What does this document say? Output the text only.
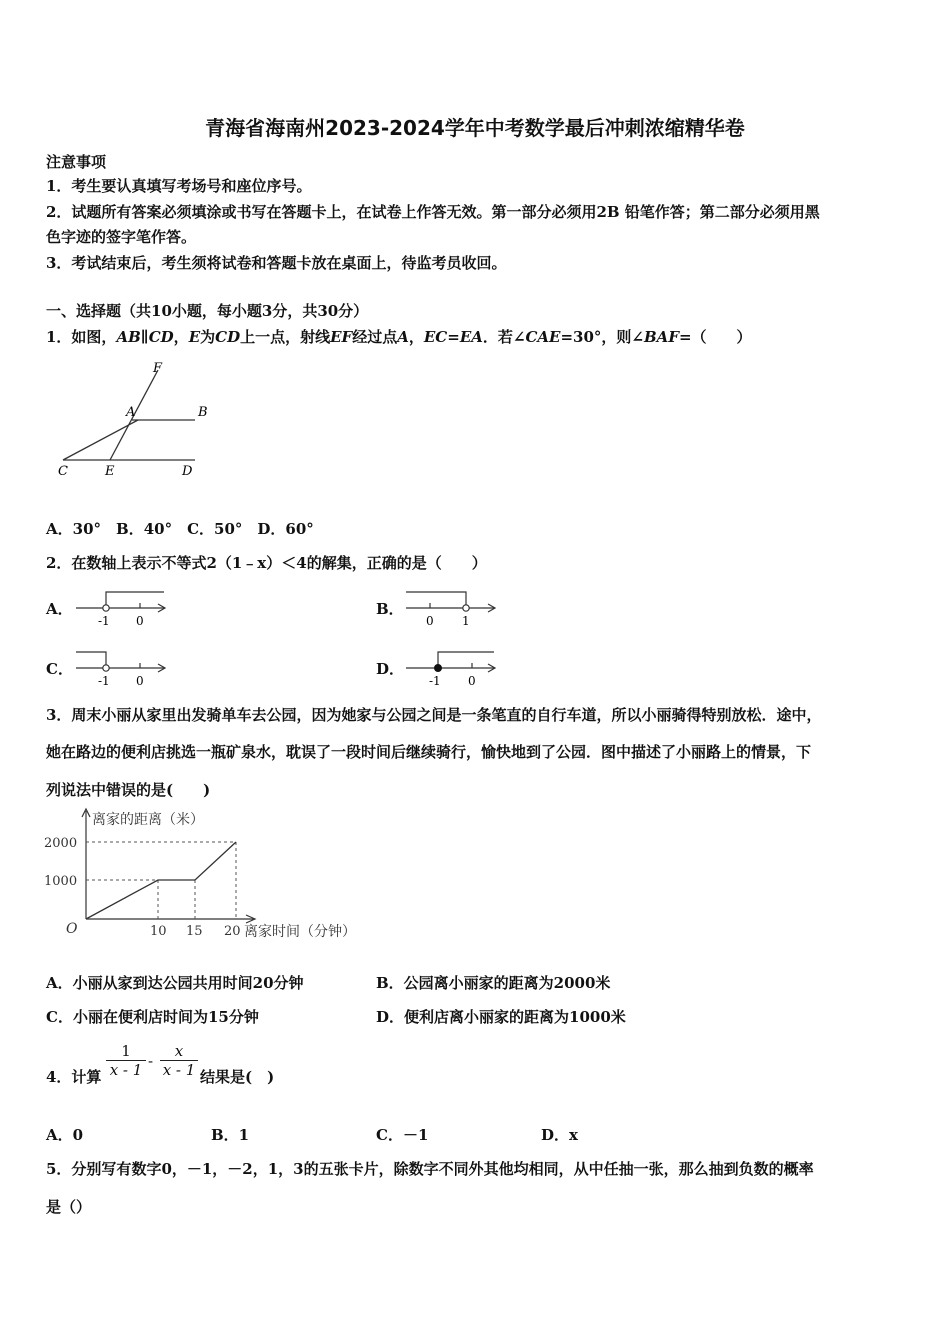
青海省海南州2023-2024学年中考数学最后冲刺浓缩精华卷
注意事项
1．考生要认真填写考场号和座位序号。
2．试题所有答案必须填涂或书写在答题卡上，在试卷上作答无效。第一部分必须用2B 铅笔作答；第二部分必须用黑
色字迹的签字笔作答。
3．考试结束后，考生须将试卷和答题卡放在桌面上，待监考员收回。
一、选择题（共10小题，每小题3分，共30分）
1．如图，AB∥CD，E为CD上一点，射线EF经过点A，EC=EA．若∠CAE=30°，则∠BAF=（　　）
F
A	B
C	E	D
A．30°　B．40°　C．50°　D．60°
2．在数轴上表示不等式2（1﹣x）＜4的解集，正确的是（　　）
A．
-1 0
B．
0 1
C．
-1 0
D．
-1 0
3．周末小丽从家里出发骑单车去公园，因为她家与公园之间是一条笔直的自行车道，所以小丽骑得特别放松．途中，
她在路边的便利店挑选一瓶矿泉水，耽误了一段时间后继续骑行，愉快地到了公园．图中描述了小丽路上的情景，下
列说法中错误的是(　　)
离家的距离（米）
2000
1000
O	10 15 20 离家时间（分钟）
A．小丽从家到达公园共用时间20分钟	B．公园离小丽家的距离为2000米
C．小丽在便利店时间为15分钟	D．便利店离小丽家的距离为1000米
4．计算 $\frac{1}{x - 1} - \frac{x}{x - 1}$ 结果是(　)
A．0	B．1	C．－1	D．x
5．分别写有数字0，－1，－2，1，3的五张卡片，除数字不同外其他均相同，从中任抽一张，那么抽到负数的概率
是（）
